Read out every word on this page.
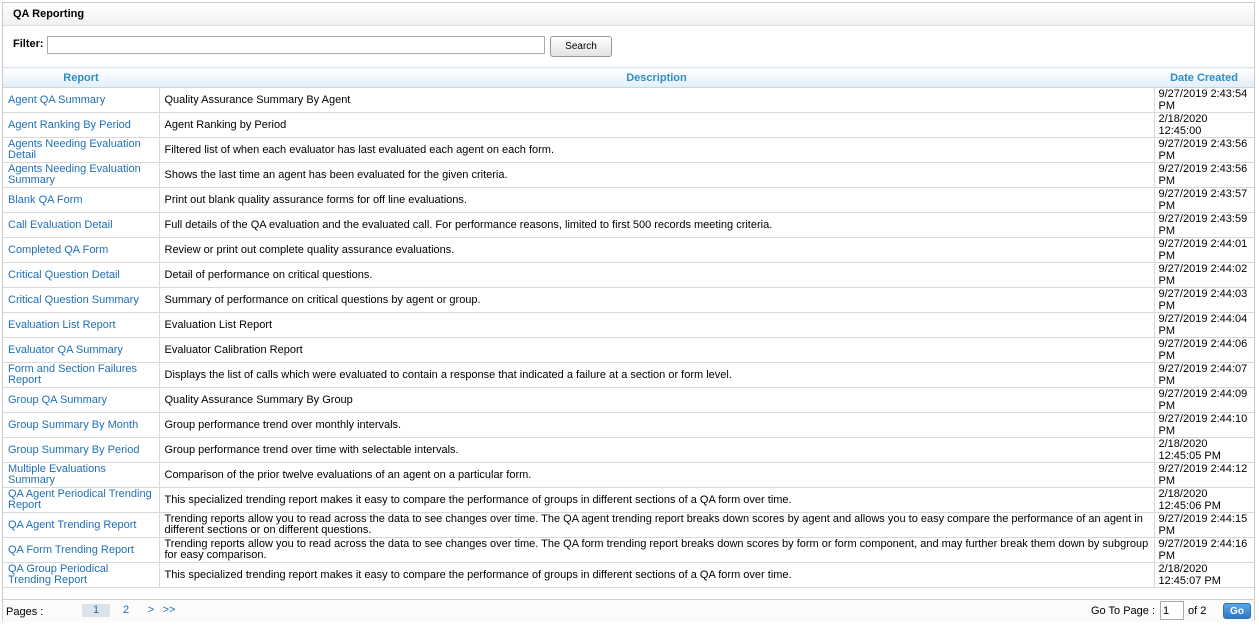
QA Reporting
Filter:	Search
Report	Description	Date Created
Agent QA Summary	Quality Assurance Summary By Agent	9/27/2019 2:43:54 PM
Agent Ranking By Period	Agent Ranking by Period	2/18/2020 12:45:00
Agents Needing Evaluation Detail	Filtered list of when each evaluator has last evaluated each agent on each form.	9/27/2019 2:43:56 PM
Agents Needing Evaluation Summary	Shows the last time an agent has been evaluated for the given criteria.	9/27/2019 2:43:56 PM
Blank QA Form	Print out blank quality assurance forms for off line evaluations.	9/27/2019 2:43:57 PM
Call Evaluation Detail	Full details of the QA evaluation and the evaluated call. For performance reasons, limited to first 500 records meeting criteria.	9/27/2019 2:43:59 PM
Completed QA Form	Review or print out complete quality assurance evaluations.	9/27/2019 2:44:01 PM
Critical Question Detail	Detail of performance on critical questions.	9/27/2019 2:44:02 PM
Critical Question Summary	Summary of performance on critical questions by agent or group.	9/27/2019 2:44:03 PM
Evaluation List Report	Evaluation List Report	9/27/2019 2:44:04 PM
Evaluator QA Summary	Evaluator Calibration Report	9/27/2019 2:44:06 PM
Form and Section Failures Report	Displays the list of calls which were evaluated to contain a response that indicated a failure at a section or form level.	9/27/2019 2:44:07 PM
Group QA Summary	Quality Assurance Summary By Group	9/27/2019 2:44:09 PM
Group Summary By Month	Group performance trend over monthly intervals.	9/27/2019 2:44:10 PM
Group Summary By Period	Group performance trend over time with selectable intervals.	2/18/2020 12:45:05 PM
Multiple Evaluations Summary	Comparison of the prior twelve evaluations of an agent on a particular form.	9/27/2019 2:44:12 PM
QA Agent Periodical Trending Report	This specialized trending report makes it easy to compare the performance of groups in different sections of a QA form over time.	2/18/2020 12:45:06 PM
QA Agent Trending Report	Trending reports allow you to read across the data to see changes over time. The QA agent trending report breaks down scores by agent and allows you to easy compare the performance of an agent in different sections or on different questions.	9/27/2019 2:44:15 PM
QA Form Trending Report	Trending reports allow you to read across the data to see changes over time. The QA form trending report breaks down scores by form or form component, and may further break them down by subgroup for easy comparison.	9/27/2019 2:44:16 PM
QA Group Periodical Trending Report	This specialized trending report makes it easy to compare the performance of groups in different sections of a QA form over time.	2/18/2020 12:45:07 PM
Pages :	1	2 > >>	Go To Page :
1	of 2	Go
